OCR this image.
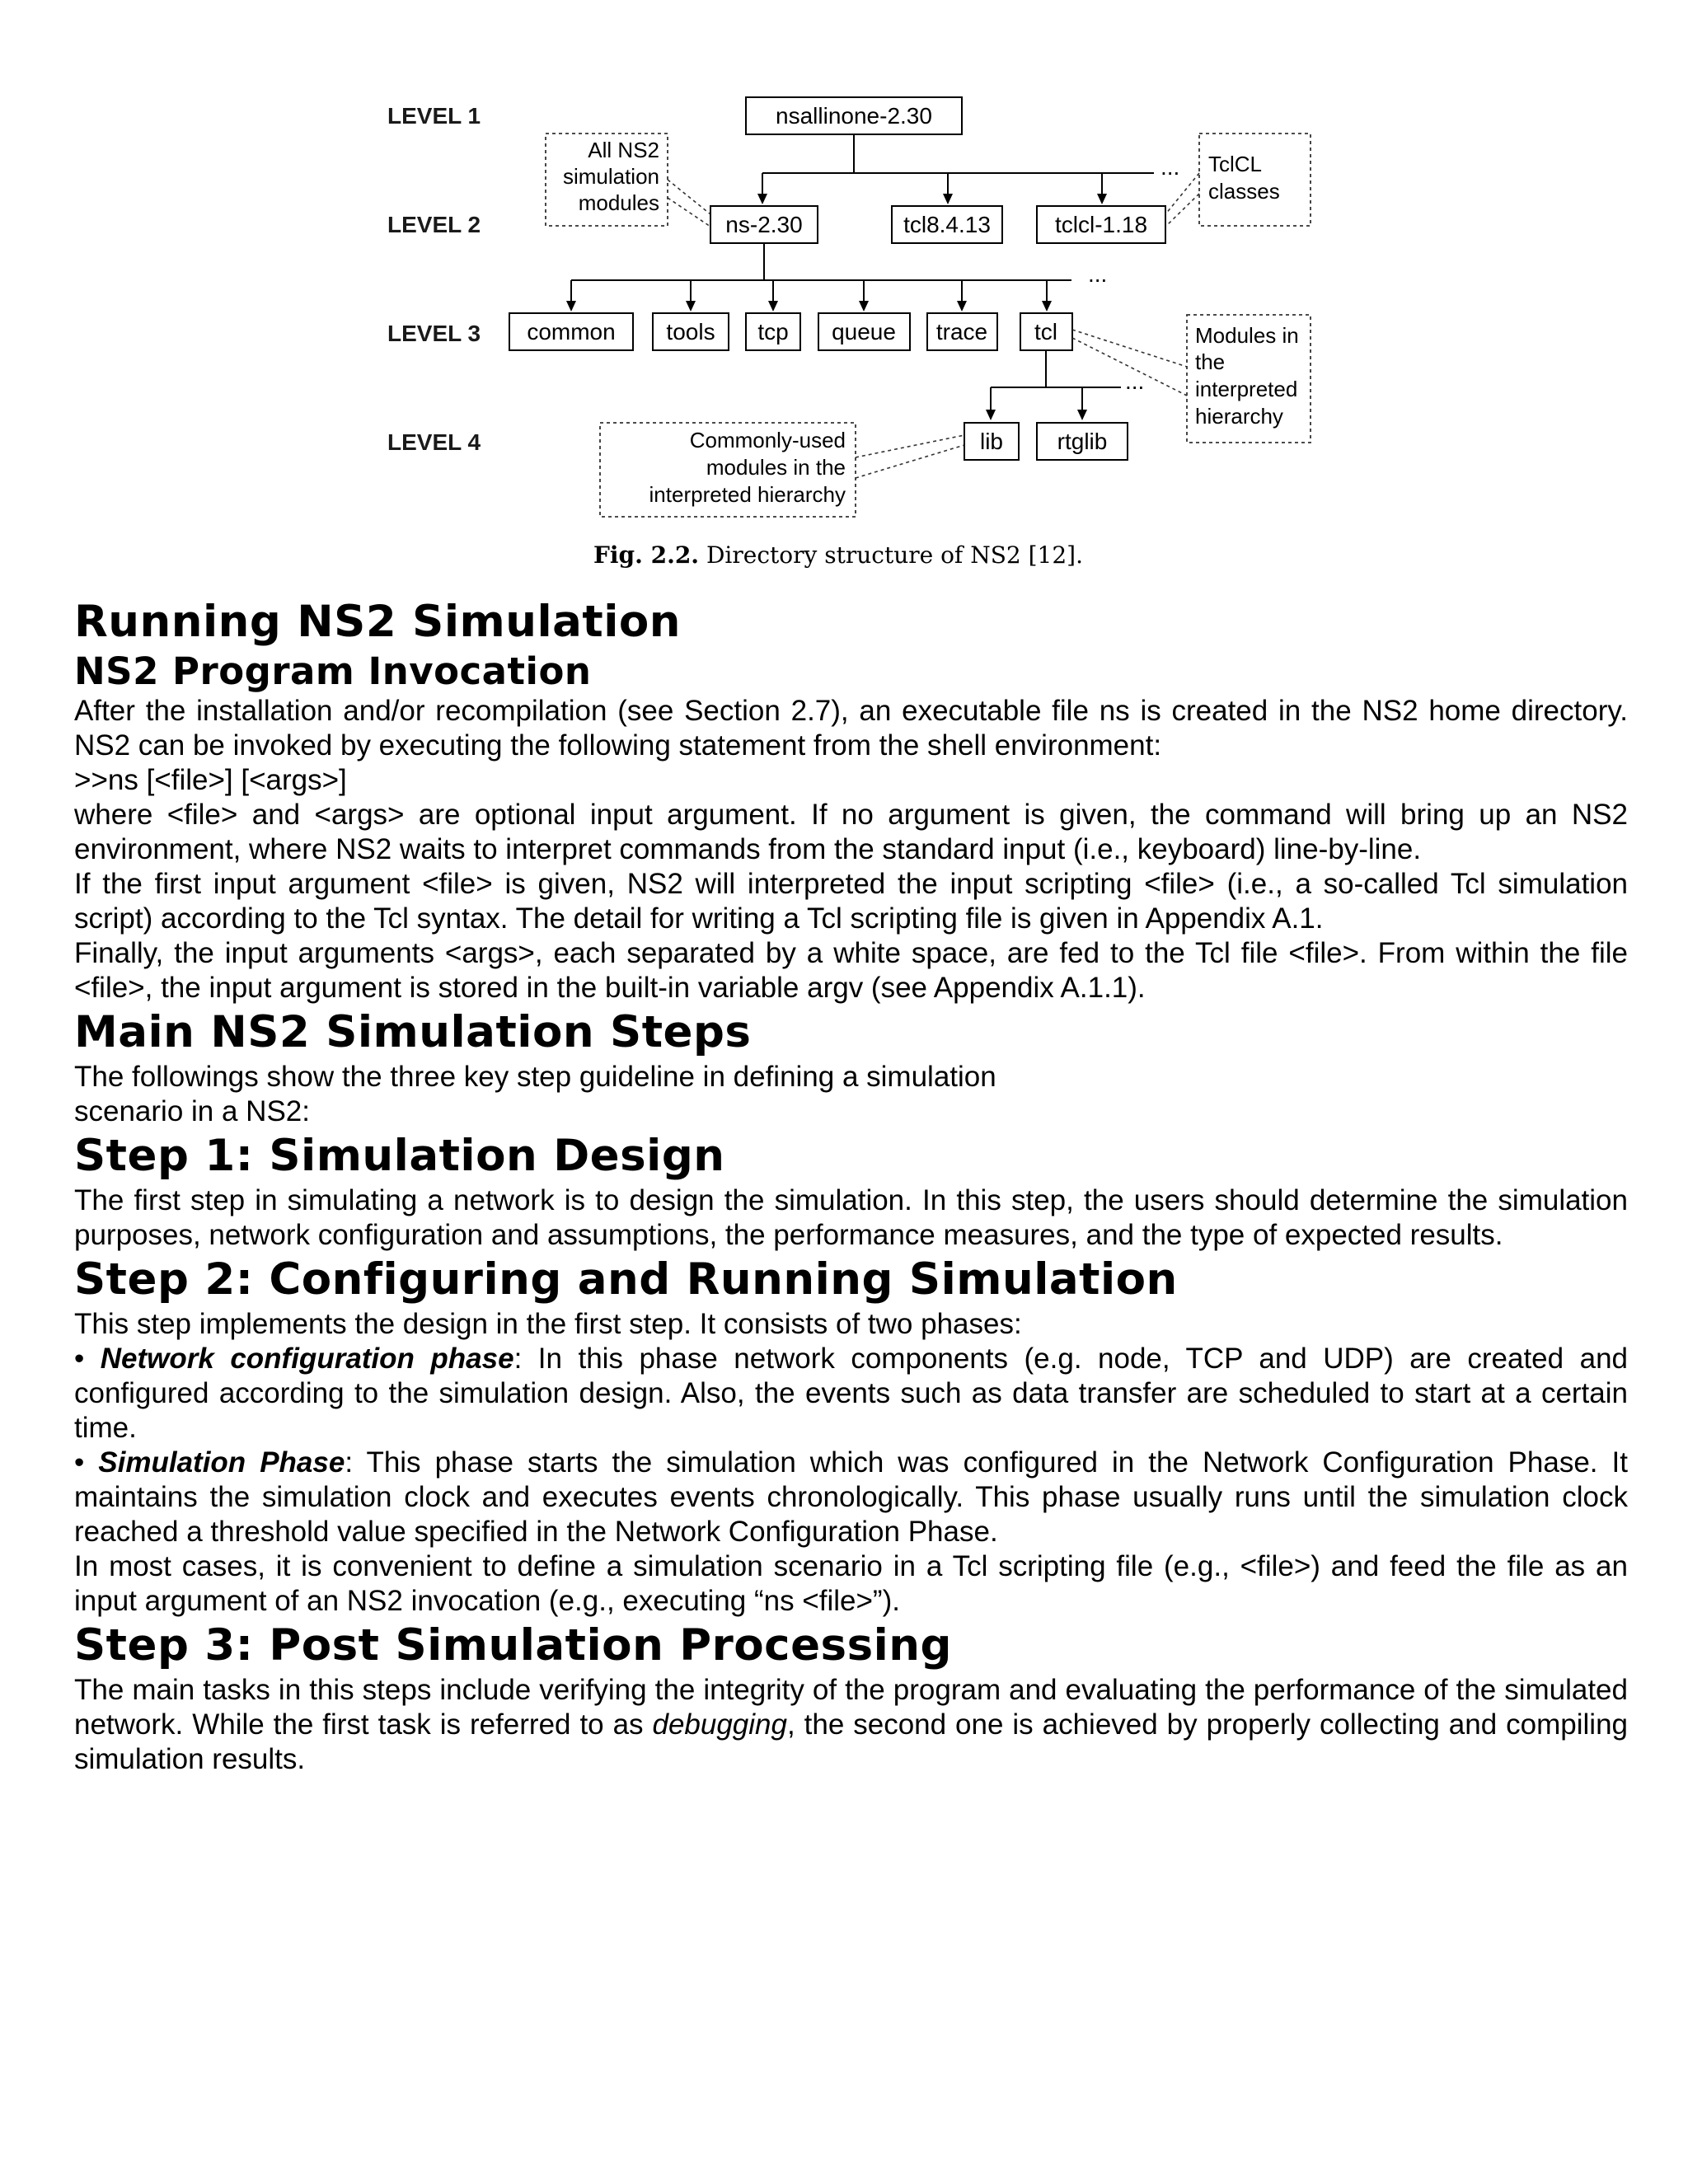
LEVEL 1
LEVEL 2
LEVEL 3
LEVEL 4
nsallinone-2.30
...
ns-2.30	tcl8.4.13	tclcl-1.18
All NS2
simulation
modules
TclCL
classes
...
common tools tcp queue trace tcl	Modules in
the
interpreted
hierarchy
...
lib rtglib
Commonly-used
modules in the
interpreted hierarchy
Fig. 2.2. Directory structure of NS2 [12].
Running NS2 Simulation
NS2 Program Invocation

After the installation and/or recompilation (see Section 2.7), an executable file ns is created in the NS2 home directory. NS2 can be invoked by executing the following statement from the shell environment:

>>ns [<file>] [<args>]

where <file> and <args> are optional input argument. If no argument is given, the command will bring up an NS2 environment, where NS2 waits to interpret commands from the standard input (i.e., keyboard) line-by-line.

If the first input argument <file> is given, NS2 will interpreted the input scripting <file> (i.e., a so-called Tcl simulation script) according to the Tcl syntax. The detail for writing a Tcl scripting file is given in Appendix A.1.

Finally, the input arguments <args>, each separated by a white space, are fed to the Tcl file <file>. From within the file <file>, the input argument is stored in the built-in variable argv (see Appendix A.1.1).

Main NS2 Simulation Steps

The followings show the three key step guideline in defining a simulation

scenario in a NS2:

Step 1: Simulation Design

The first step in simulating a network is to design the simulation. In this step, the users should determine the simulation purposes, network configuration and assumptions, the performance measures, and the type of expected results.

Step 2: Configuring and Running Simulation

This step implements the design in the first step. It consists of two phases:

• Network configuration phase: In this phase network components (e.g. node, TCP and UDP) are created and configured according to the simulation design. Also, the events such as data transfer are scheduled to start at a certain time.

• Simulation Phase: This phase starts the simulation which was configured in the Network Configuration Phase. It maintains the simulation clock and executes events chronologically. This phase usually runs until the simulation clock reached a threshold value specified in the Network Configuration Phase.

In most cases, it is convenient to define a simulation scenario in a Tcl scripting file (e.g., <file>) and feed the file as an input argument of an NS2 invocation (e.g., executing “ns <file>”).

Step 3: Post Simulation Processing

The main tasks in this steps include verifying the integrity of the program and evaluating the performance of the simulated network. While the first task is referred to as debugging, the second one is achieved by properly collecting and compiling simulation results.
